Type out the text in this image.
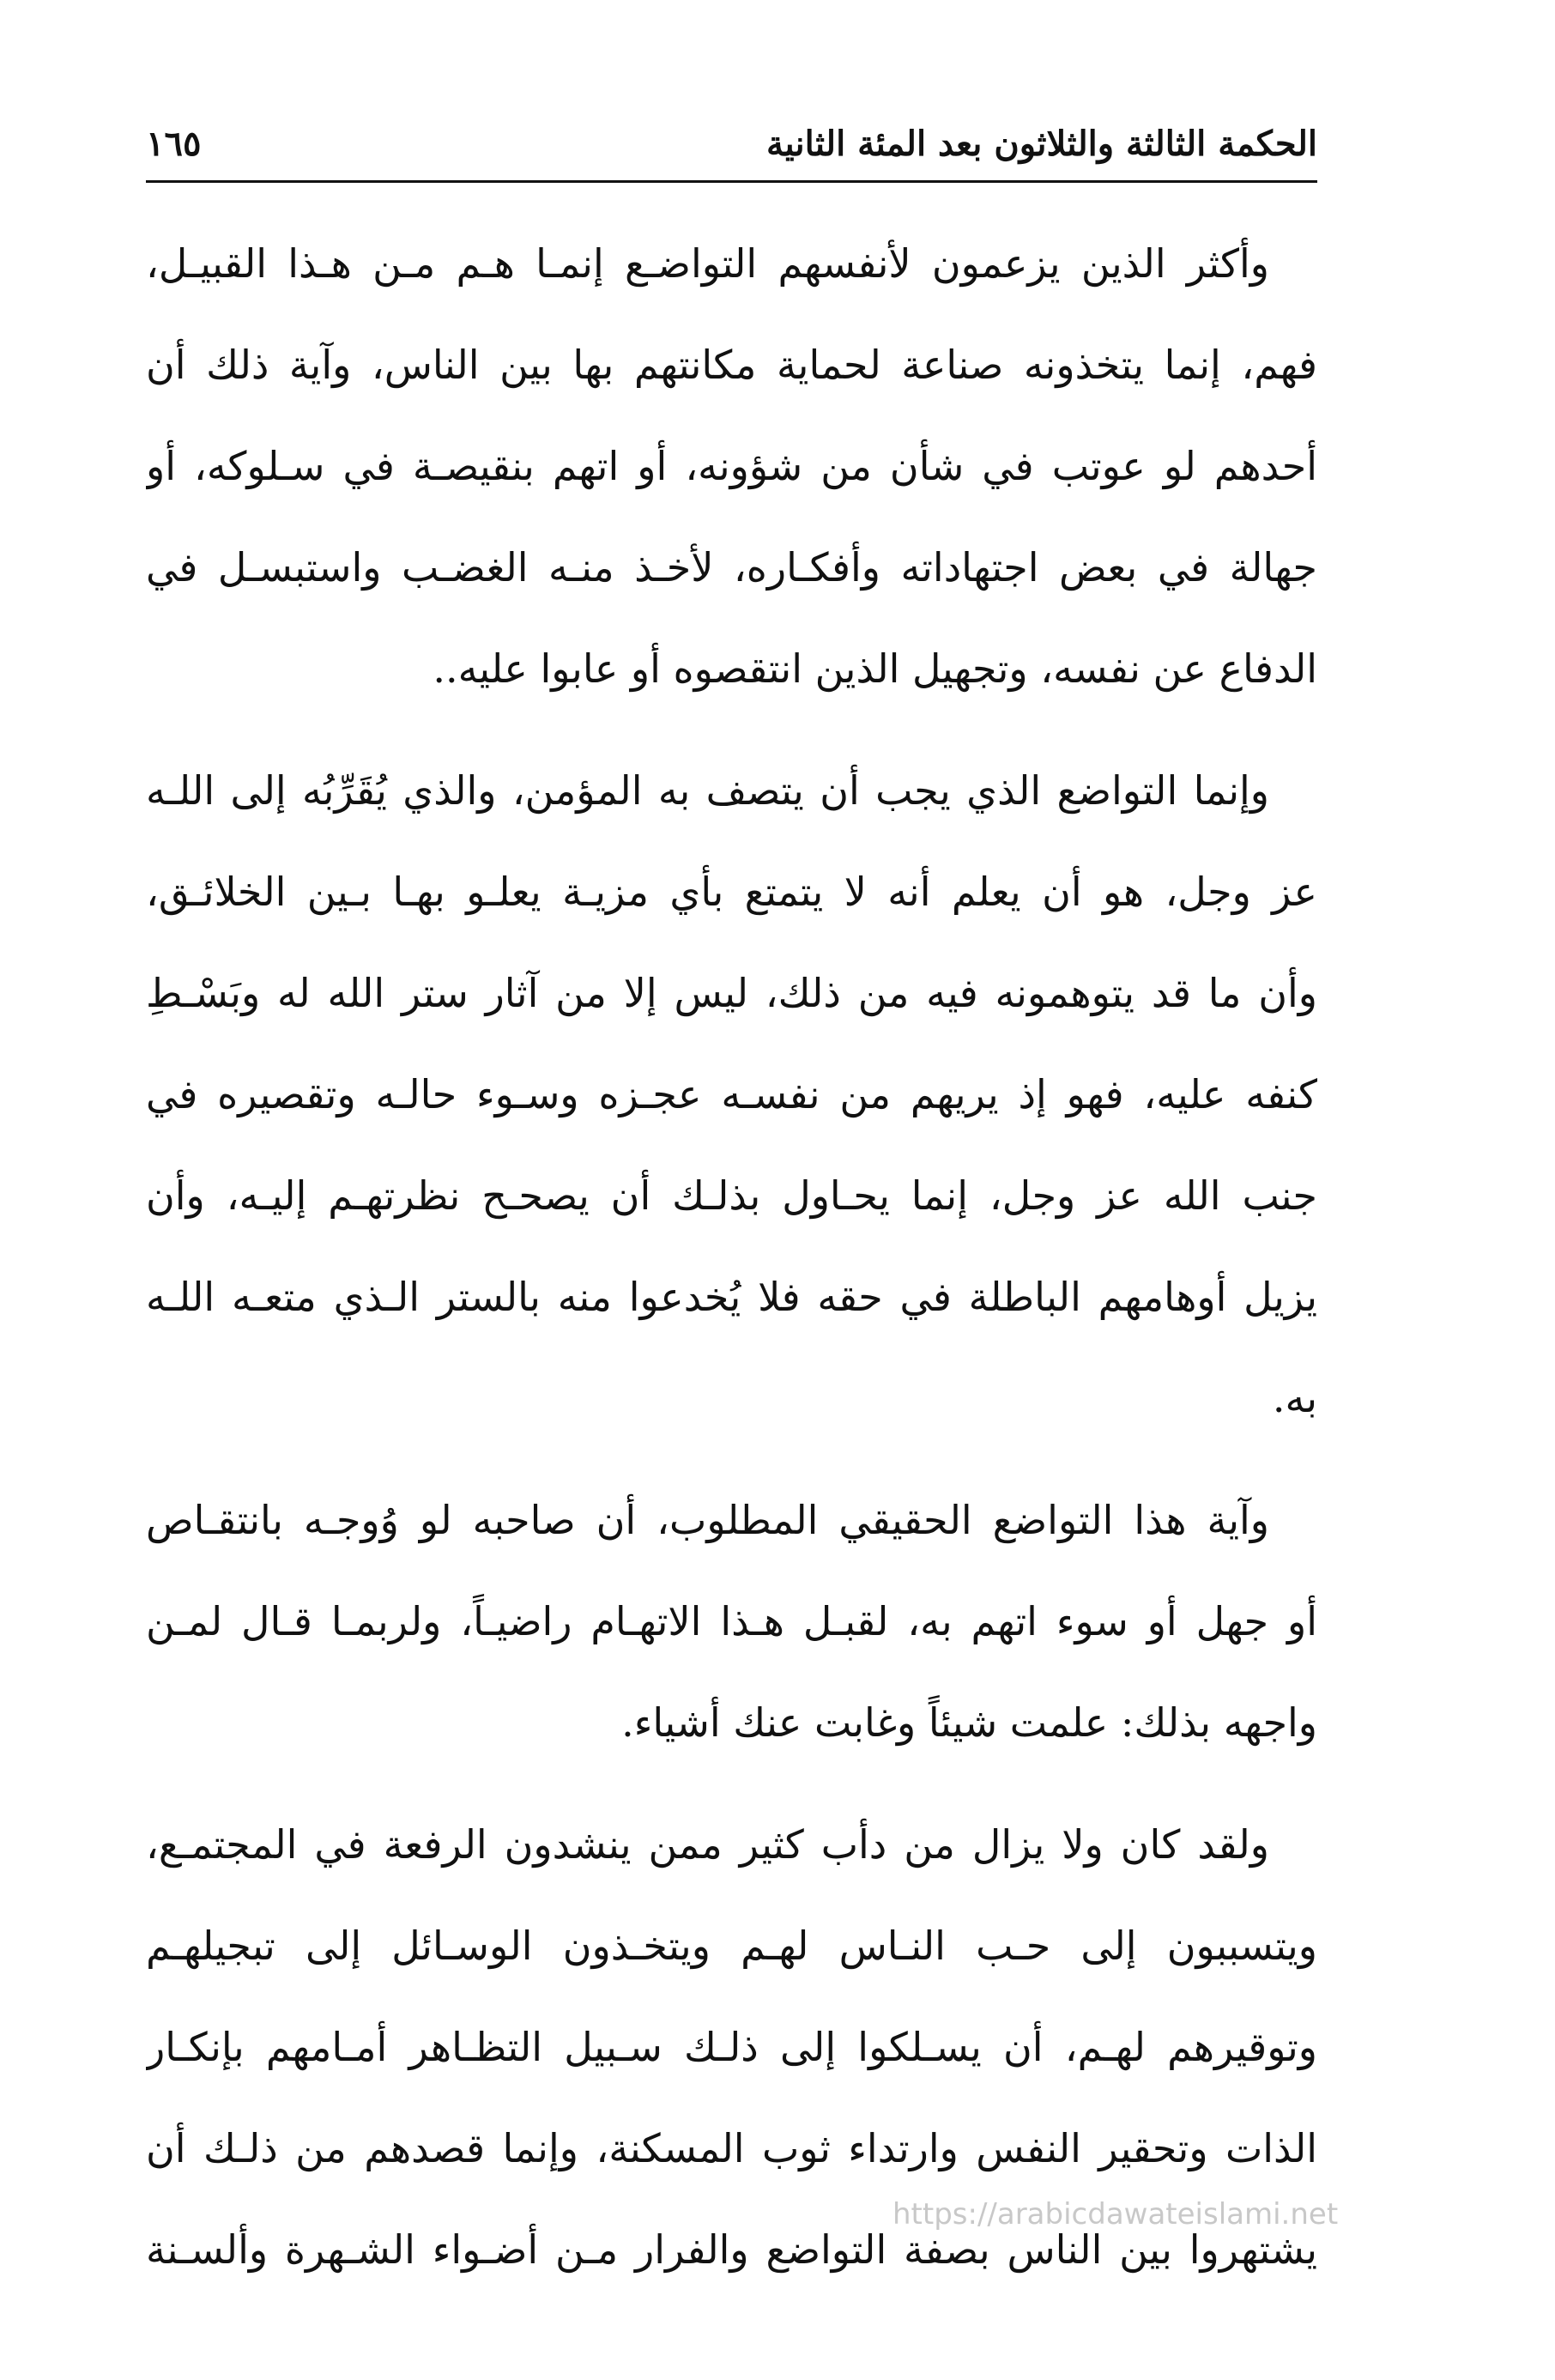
الحكمة الثالثة والثلاثون بعد المئة الثانية
١٦٥
وأكثر الذين يزعمون لأنفسهم التواضـع إنمـا هـم مـن هـذا القبيـل،
فهم، إنما يتخذونه صناعة لحماية مكانتهم بها بين الناس، وآية ذلك أن
أحدهم لو عوتب في شأن من شؤونه، أو اتهم بنقيصـة في سـلوكه، أو
جهالة في بعض اجتهاداته وأفكـاره، لأخـذ منـه الغضـب واستبسـل في
الدفاع عن نفسه، وتجهيل الذين انتقصوه أو عابوا عليه..
وإنما التواضع الذي يجب أن يتصف به المؤمن، والذي يُقَرِّبُه إلى اللـه
عز وجل، هو أن يعلم أنه لا يتمتع بأي مزيـة يعلـو بهـا بـين الخلائـق،
وأن ما قد يتوهمونه فيه من ذلك، ليس إلا من آثار ستر الله له وبَسْـطِ
كنفه عليه، فهو إذ يريهم من نفسـه عجـزه وسـوء حالـه وتقصيره في
جنب الله عز وجل، إنما يحـاول بذلـك أن يصحـح نظرتهـم إليـه، وأن
يزيل أوهامهم الباطلة في حقه فلا يُخدعوا منه بالستر الـذي متعـه اللـه
به.
وآية هذا التواضع الحقيقي المطلوب، أن صاحبه لو وُوجـه بانتقـاص
أو جهل أو سوء اتهم به، لقبـل هـذا الاتهـام راضيـاً، ولربمـا قـال لمـن
واجهه بذلك: علمت شيئاً وغابت عنك أشياء.
ولقد كان ولا يزال من دأب كثير ممن ينشدون الرفعة في المجتمـع،
ويتسببون إلى حـب النـاس لهـم ويتخـذون الوسـائل إلى تبجيلهـم
وتوقيرهم لهـم، أن يسـلكوا إلى ذلـك سـبيل التظـاهر أمـامهم بإنكـار
الذات وتحقير النفس وارتداء ثوب المسكنة، وإنما قصدهم من ذلـك أن
يشتهروا بين الناس بصفة التواضع والفرار مـن أضـواء الشـهرة وألسـنة
https://arabicdawateislami.net
